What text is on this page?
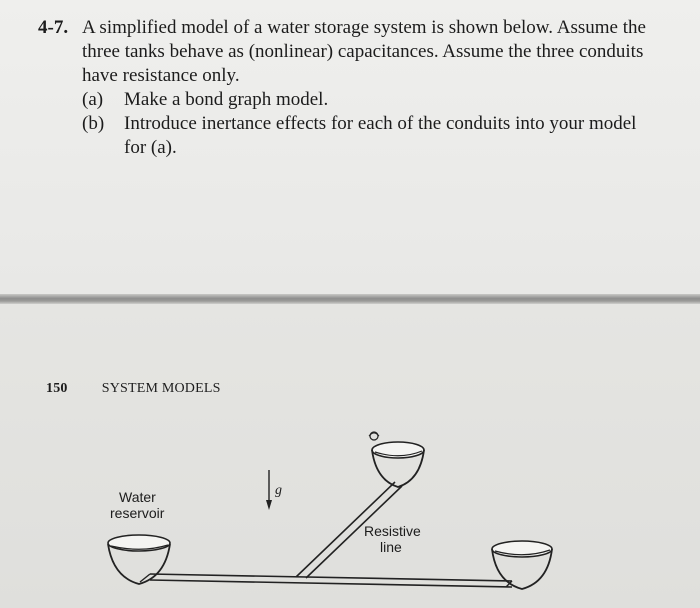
4-7. A simplified model of a water storage system is shown below. Assume the
three tanks behave as (nonlinear) capacitances. Assume the three conduits
have resistance only.
(a) Make a bond graph model.
(b) Introduce inertance effects for each of the conduits into your model
for (a).
150 SYSTEM MODELS
g
Water
reservoir
Resistive
line
